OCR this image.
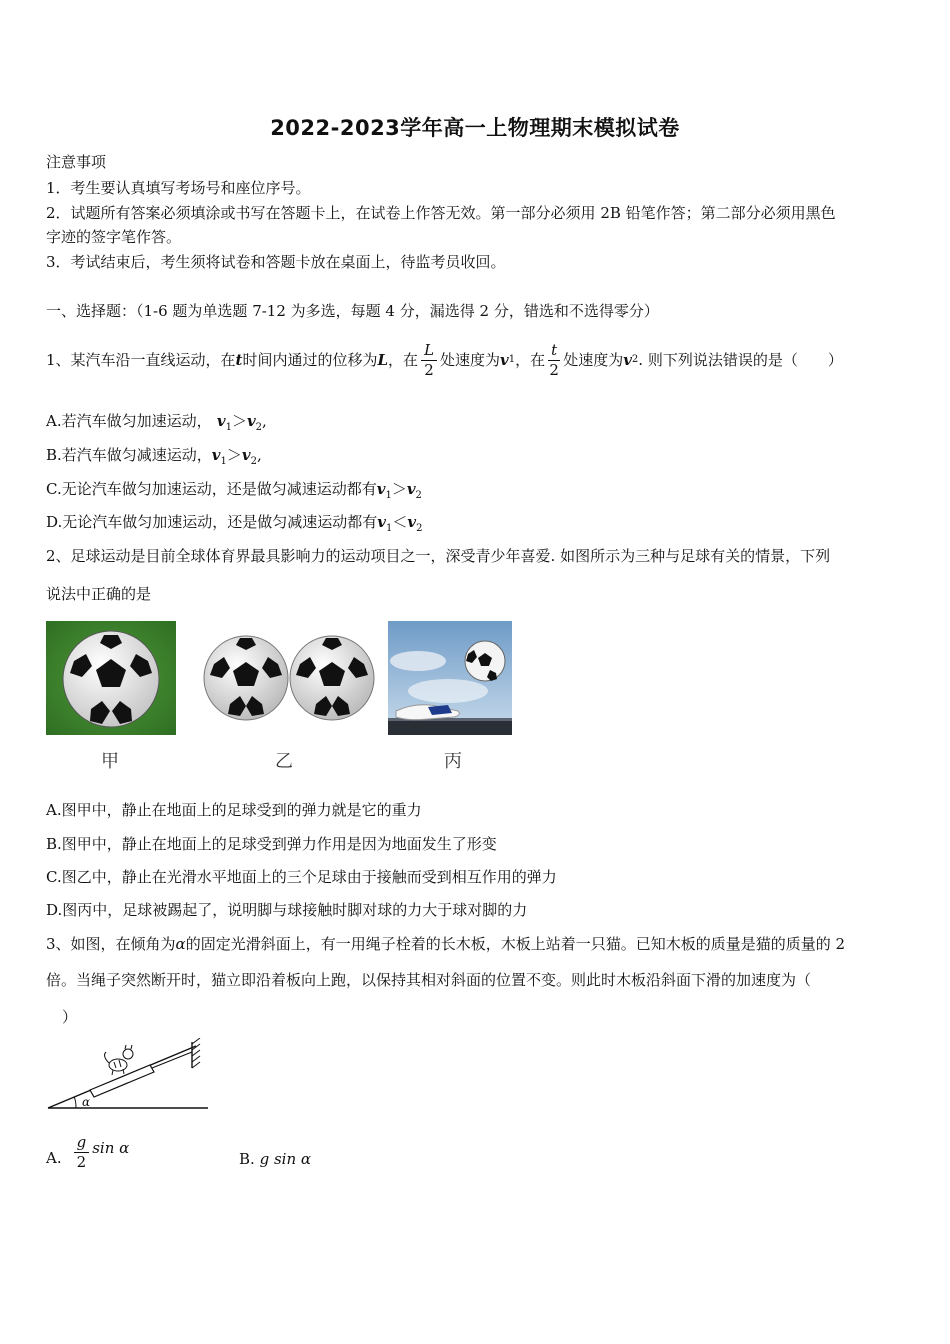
2022-2023学年高一上物理期末模拟试卷
注意事项
1．考生要认真填写考场号和座位序号。
2．试题所有答案必须填涂或书写在答题卡上，在试卷上作答无效。第一部分必须用 2B 铅笔作答；第二部分必须用黑色
字迹的签字笔作答。
3．考试结束后，考生须将试卷和答题卡放在桌面上，待监考员收回。
一、选择题：（1-6 题为单选题 7-12 为多选，每题 4 分，漏选得 2 分，错选和不选得零分）
1、某汽车沿一直线运动，在 t 时间内通过的位移为 L ，在 $\frac{L}{2}$ 处速度为 v 1 ，在 $\frac{t}{2}$ 处速度为 v 2 . 则下列说法错误的是（　　）
A.若汽车做匀加速运动， $v_1>v_2$,
B.若汽车做匀减速运动，$v_1>v_2$,
C.无论汽车做匀加速运动，还是做匀减速运动都有$v_1>v_2$
D.无论汽车做匀加速运动，还是做匀减速运动都有$v_1<v_2$
2、足球运动是目前全球体育界最具影响力的运动项目之一，深受青少年喜爱. 如图所示为三种与足球有关的情景，下列
说法中正确的是
甲	乙	丙
A.图甲中，静止在地面上的足球受到的弹力就是它的重力
B.图甲中，静止在地面上的足球受到弹力作用是因为地面发生了形变
C.图乙中，静止在光滑水平地面上的三个足球由于接触而受到相互作用的弹力
D.图丙中，足球被踢起了，说明脚与球接触时脚对球的力大于球对脚的力
3、如图，在倾角为α的固定光滑斜面上，有一用绳子栓着的长木板，木板上站着一只猫。已知木板的质量是猫的质量的 2
倍。当绳子突然断开时，猫立即沿着板向上跑，以保持其相对斜面的位置不变。则此时木板沿斜面下滑的加速度为（
）
α
A. $\frac{g}{2}$ sin α
B. g sin α
